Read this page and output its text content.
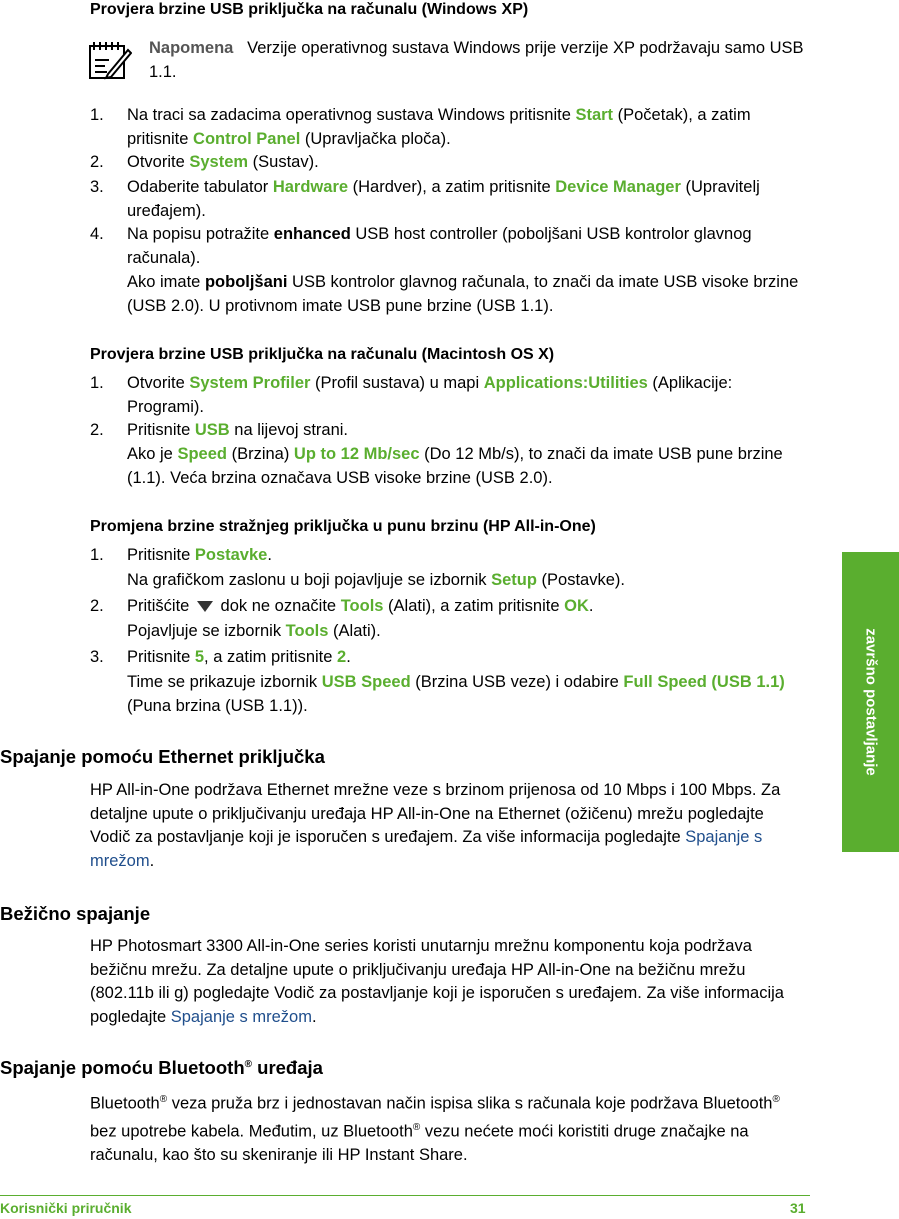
Provjera brzine USB priključka na računalu (Windows XP)
Napomena Verzije operativnog sustava Windows prije verzije XP podržavaju samo USB 1.1.
1. Na traci sa zadacima operativnog sustava Windows pritisnite Start (Početak), a zatim pritisnite Control Panel (Upravljačka ploča).
2. Otvorite System (Sustav).
3. Odaberite tabulator Hardware (Hardver), a zatim pritisnite Device Manager (Upravitelj uređajem).
4. Na popisu potražite enhanced USB host controller (poboljšani USB kontrolor glavnog računala).
Ako imate poboljšani USB kontrolor glavnog računala, to znači da imate USB visoke brzine (USB 2.0). U protivnom imate USB pune brzine (USB 1.1).
Provjera brzine USB priključka na računalu (Macintosh OS X)
1. Otvorite System Profiler (Profil sustava) u mapi Applications:Utilities (Aplikacije: Programi).
2. Pritisnite USB na lijevoj strani.
Ako je Speed (Brzina) Up to 12 Mb/sec (Do 12 Mb/s), to znači da imate USB pune brzine (1.1). Veća brzina označava USB visoke brzine (USB 2.0).
Promjena brzine stražnjeg priključka u punu brzinu (HP All-in-One)
1. Pritisnite Postavke.
Na grafičkom zaslonu u boji pojavljuje se izbornik Setup (Postavke).
2. Pritišćite  dok ne označite Tools (Alati), a zatim pritisnite OK.
Pojavljuje se izbornik Tools (Alati).
3. Pritisnite 5, a zatim pritisnite 2.
Time se prikazuje izbornik USB Speed (Brzina USB veze) i odabire Full Speed (USB 1.1) (Puna brzina (USB 1.1)).
Spajanje pomoću Ethernet priključka

HP All-in-One podržava Ethernet mrežne veze s brzinom prijenosa od 10 Mbps i 100 Mbps. Za detaljne upute o priključivanju uređaja HP All-in-One na Ethernet (ožičenu) mrežu pogledajte Vodič za postavljanje koji je isporučen s uređajem. Za više informacija pogledajte Spajanje s mrežom.

Bežično spajanje

HP Photosmart 3300 All-in-One series koristi unutarnju mrežnu komponentu koja podržava bežičnu mrežu. Za detaljne upute o priključivanju uređaja HP All-in-One na bežičnu mrežu (802.11b ili g) pogledajte Vodič za postavljanje koji je isporučen s uređajem. Za više informacija pogledajte Spajanje s mrežom.

Spajanje pomoću Bluetooth® uređaja

Bluetooth® veza pruža brz i jednostavan način ispisa slika s računala koje podržava Bluetooth® bez upotrebe kabela. Međutim, uz Bluetooth® vezu nećete moći koristiti druge značajke na računalu, kao što su skeniranje ili HP Instant Share.

završno postavljanje
Korisnički priručnik	31
